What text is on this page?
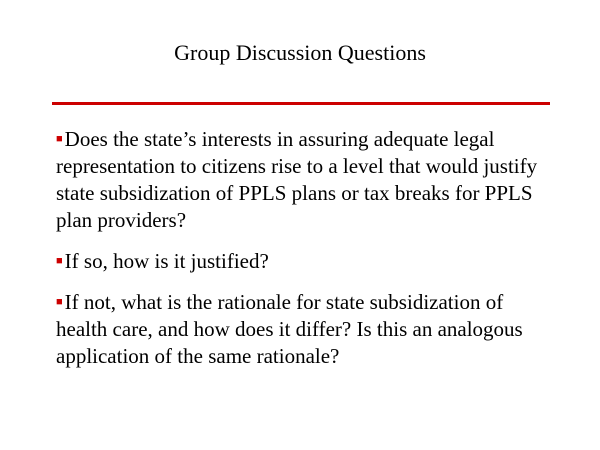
Group Discussion Questions
■Does the state’s interests in assuring adequate legal representation to citizens rise to a level that would justify state subsidization of PPLS plans or tax breaks for PPLS plan providers?
■If so, how is it justified?
■If not, what is the rationale for state subsidization of health care, and how does it differ? Is this an analogous application of the same rationale?
